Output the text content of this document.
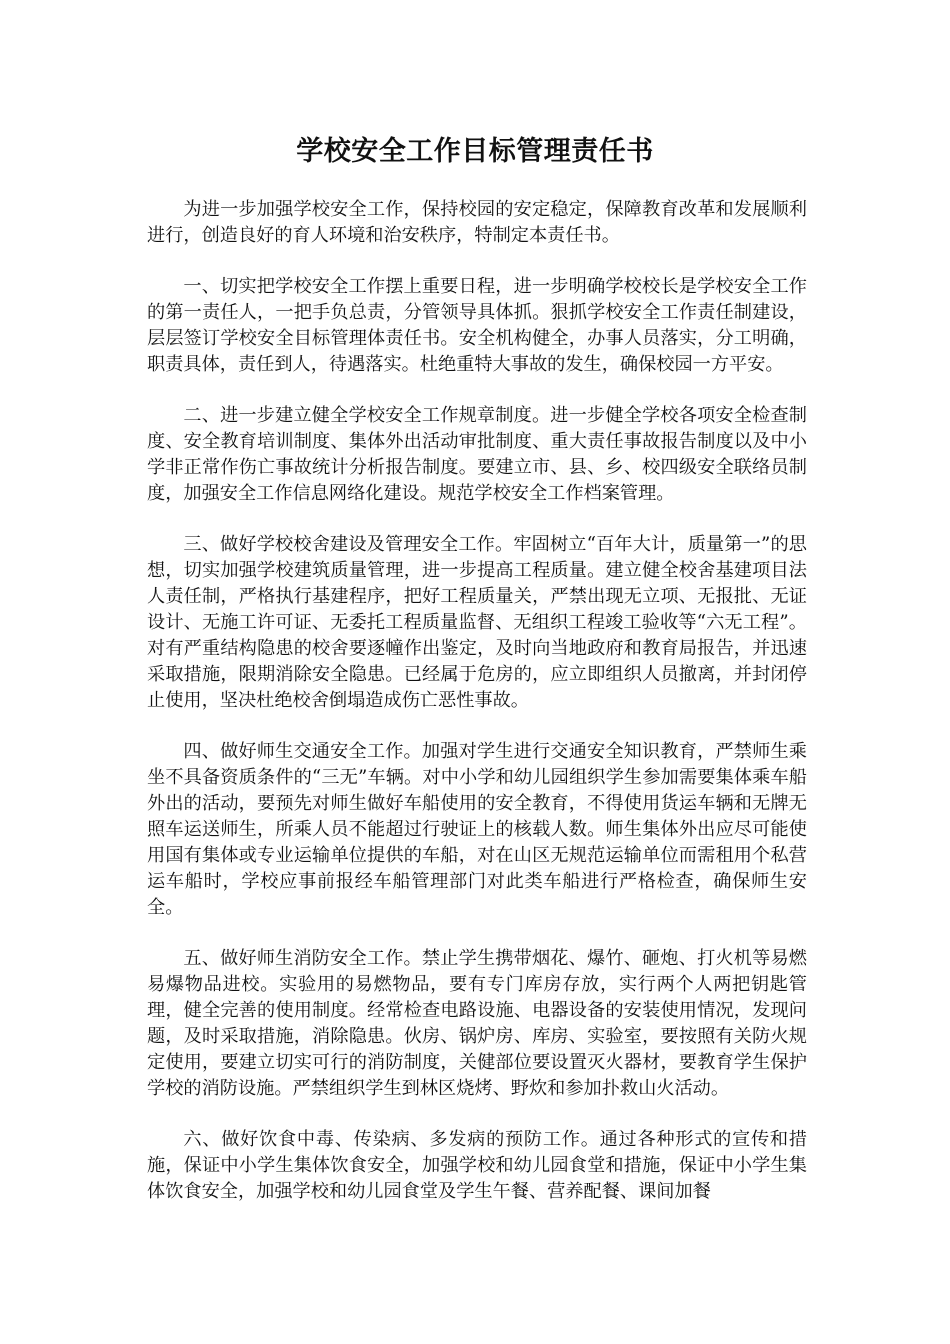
学校安全工作目标管理责任书

为进一步加强学校安全工作，保持校园的安定稳定，保障教育改革和发展顺利进行，创造良好的育人环境和治安秩序，特制定本责任书。

一、切实把学校安全工作摆上重要日程，进一步明确学校校长是学校安全工作的第一责任人，一把手负总责，分管领导具体抓。狠抓学校安全工作责任制建设，层层签订学校安全目标管理体责任书。安全机构健全，办事人员落实，分工明确，职责具体，责任到人，待遇落实。杜绝重特大事故的发生，确保校园一方平安。

二、进一步建立健全学校安全工作规章制度。进一步健全学校各项安全检查制度、安全教育培训制度、集体外出活动审批制度、重大责任事故报告制度以及中小学非正常作伤亡事故统计分析报告制度。要建立市、县、乡、校四级安全联络员制度，加强安全工作信息网络化建设。规范学校安全工作档案管理。

三、做好学校校舍建设及管理安全工作。牢固树立“百年大计，质量第一”的思想，切实加强学校建筑质量管理，进一步提高工程质量。建立健全校舍基建项目法人责任制，严格执行基建程序，把好工程质量关，严禁出现无立项、无报批、无证设计、无施工许可证、无委托工程质量监督、无组织工程竣工验收等“六无工程”。对有严重结构隐患的校舍要逐幢作出鉴定，及时向当地政府和教育局报告，并迅速采取措施，限期消除安全隐患。已经属于危房的，应立即组织人员撤离，并封闭停止使用，坚决杜绝校舍倒塌造成伤亡恶性事故。

四、做好师生交通安全工作。加强对学生进行交通安全知识教育，严禁师生乘坐不具备资质条件的“三无”车辆。对中小学和幼儿园组织学生参加需要集体乘车船外出的活动，要预先对师生做好车船使用的安全教育，不得使用货运车辆和无牌无照车运送师生，所乘人员不能超过行驶证上的核载人数。师生集体外出应尽可能使用国有集体或专业运输单位提供的车船，对在山区无规范运输单位而需租用个私营运车船时，学校应事前报经车船管理部门对此类车船进行严格检查，确保师生安全。

五、做好师生消防安全工作。禁止学生携带烟花、爆竹、砸炮、打火机等易燃易爆物品进校。实验用的易燃物品，要有专门库房存放，实行两个人两把钥匙管理，健全完善的使用制度。经常检查电路设施、电器设备的安装使用情况，发现问题，及时采取措施，消除隐患。伙房、锅炉房、库房、实验室，要按照有关防火规定使用，要建立切实可行的消防制度，关健部位要设置灭火器材，要教育学生保护学校的消防设施。严禁组织学生到林区烧烤、野炊和参加扑救山火活动。

六、做好饮食中毒、传染病、多发病的预防工作。通过各种形式的宣传和措施，保证中小学生集体饮食安全，加强学校和幼儿园食堂和措施，保证中小学生集体饮食安全，加强学校和幼儿园食堂及学生午餐、营养配餐、课间加餐
